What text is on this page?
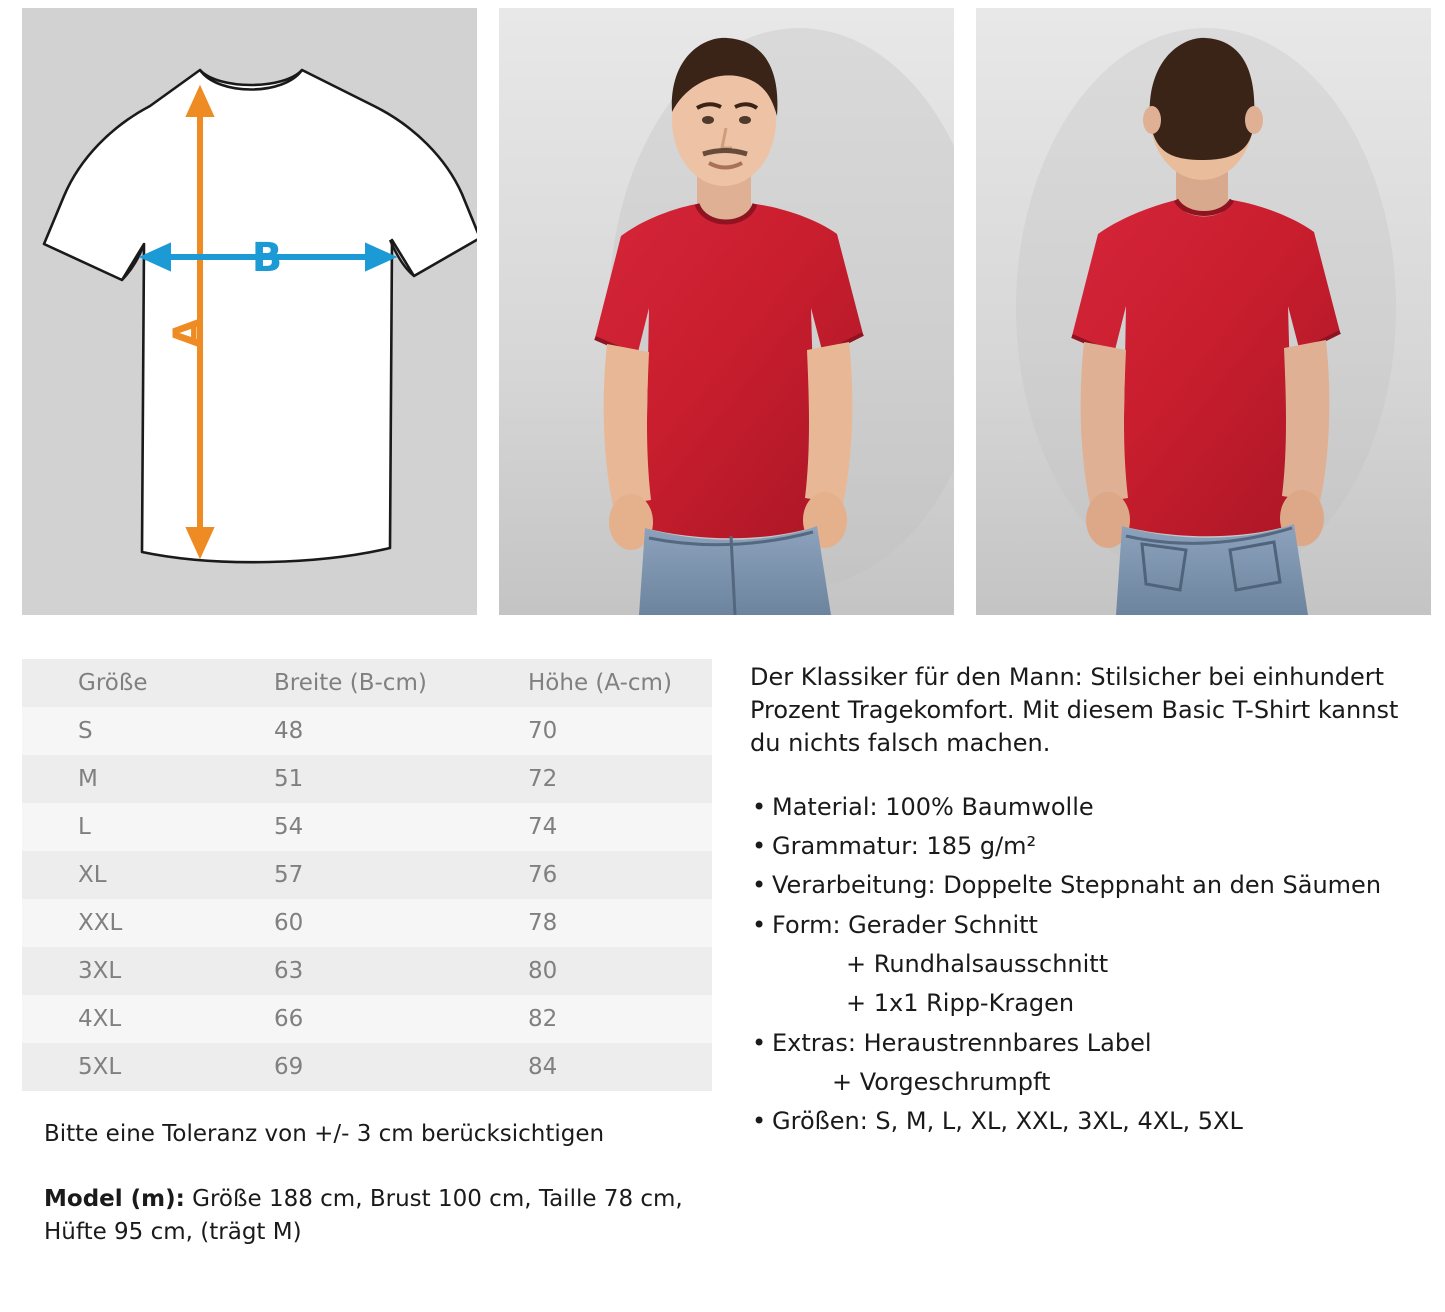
A
B
Größe	Breite (B-cm)	Höhe (A-cm)
S	48	70
M	51	72
L	54	74
XL	57	76
XXL	60	78
3XL	63	80
4XL	66	82
5XL	69	84
Bitte eine Toleranz von +/- 3 cm berücksichtigen
Model (m): Größe 188 cm, Brust 100 cm, Taille 78 cm, Hüfte 95 cm, (trägt M)

Der Klassiker für den Mann: Stilsicher bei einhundert Prozent Tragekomfort. Mit diesem Basic T-Shirt kannst du nichts falsch machen.

• Material: 100% Baumwolle
• Grammatur: 185 g/m²
• Verarbeitung: Doppelte Steppnaht an den Säumen
• Form: Gerader Schnitt
+ Rundhalsausschnitt
+ 1x1 Ripp-Kragen
• Extras: Heraustrennbares Label
+ Vorgeschrumpft
• Größen: S, M, L, XL, XXL, 3XL, 4XL, 5XL
